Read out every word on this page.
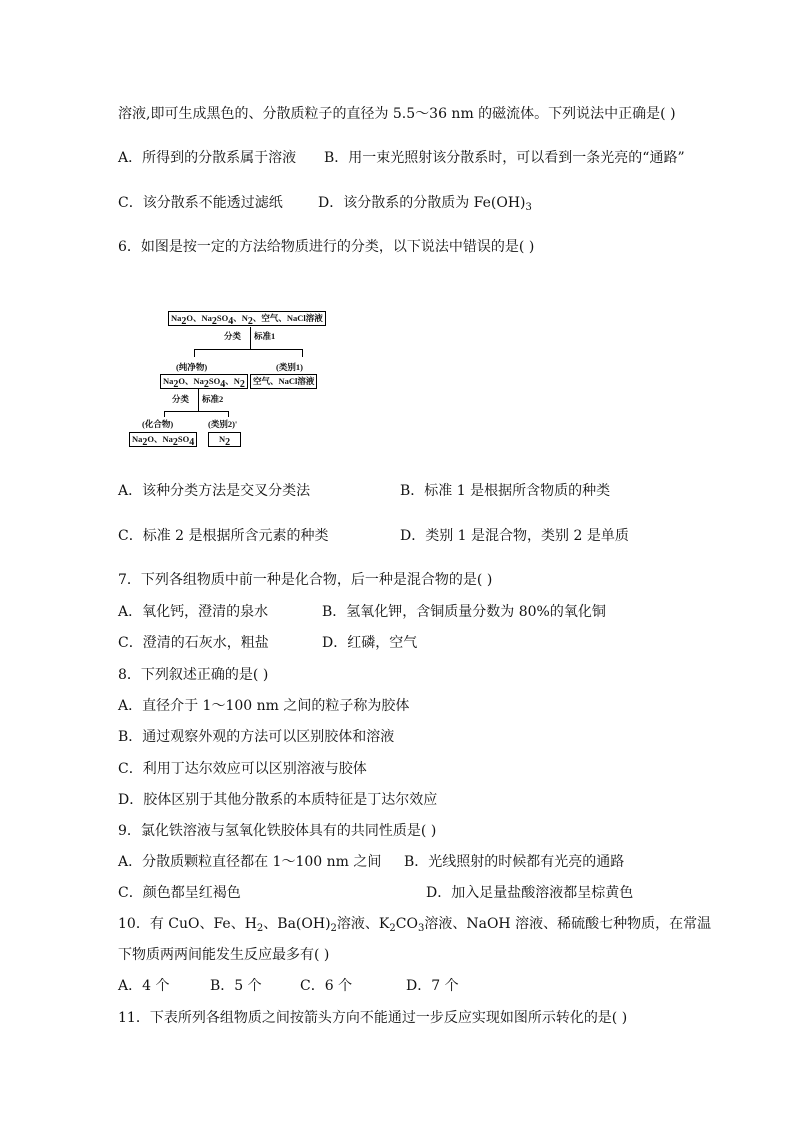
溶液,即可生成黑色的、分散质粒子的直径为 5.5～36 nm 的磁流体。下列说法中正确是( )
A．所得到的分散系属于溶液 B．用一束光照射该分散系时，可以看到一条光亮的“通路”
C．该分散系不能透过滤纸	D．该分散系的分散质为 $Fe(OH)_3$
6．如图是按一定的方法给物质进行的分类，以下说法中错误的是( )
$Na_2O$、$Na_2SO_4$、$N_2$、空气、NaCl溶液
分类 标准1
(纯净物)	(类别1)
$Na_2O$、$Na_2SO_4$、$N_2$ 空气、NaCl溶液
分类 标准2
(化合物)	(类别2)'
$Na_2O$、$Na_2SO_4$	$N_2$
A．该种分类方法是交叉分类法	B．标准 1 是根据所含物质的种类
C．标准 2 是根据所含元素的种类	D．类别 1 是混合物，类别 2 是单质
7．下列各组物质中前一种是化合物，后一种是混合物的是( )
A．氧化钙，澄清的泉水	B．氢氧化钾，含铜质量分数为 80%的氧化铜
C．澄清的石灰水，粗盐	D．红磷，空气
8．下列叙述正确的是( )
A．直径介于 1～100 nm 之间的粒子称为胶体
B．通过观察外观的方法可以区别胶体和溶液
C．利用丁达尔效应可以区别溶液与胶体
D．胶体区别于其他分散系的本质特征是丁达尔效应
9．氯化铁溶液与氢氧化铁胶体具有的共同性质是( )
A．分散质颗粒直径都在 1～100 nm 之间 B．光线照射的时候都有光亮的通路
C．颜色都呈红褐色	D．加入足量盐酸溶液都呈棕黄色
10．有 CuO、Fe、$H_2$、$Ba(OH)_2$溶液、$K_2CO_3$溶液、NaOH 溶液、稀硫酸七种物质，在常温
下物质两两间能发生反应最多有( )
A．4 个	B．5 个	C．6 个	D．7 个
11．下表所列各组物质之间按箭头方向不能通过一步反应实现如图所示转化的是( )
